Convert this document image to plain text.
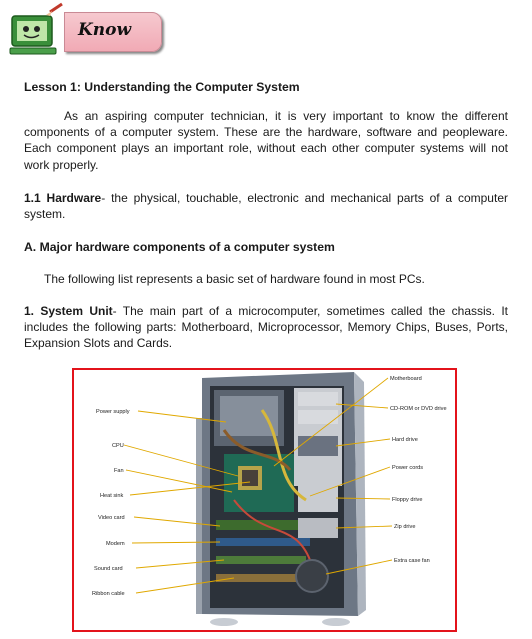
Know
Lesson 1: Understanding the Computer System
As an aspiring computer technician, it is very important to know the different components of a computer system. These are the hardware, software and peopleware. Each component plays an important role, without each other computer systems will not work properly.
1.1 Hardware- the physical, touchable, electronic and mechanical parts of a computer system.
A. Major hardware components of a computer system
The following list represents a basic set of hardware found in most PCs.
1. System Unit- The main part of a microcomputer, sometimes called the chassis. It includes the following parts: Motherboard, Microprocessor, Memory Chips, Buses, Ports, Expansion Slots and Cards.
Power supply
CPU
Fan
Heat sink
Video card
Modem
Sound card
Ribbon cable
Motherboard
CD-ROM or DVD drive
Hard drive
Power cords
Floppy drive
Zip drive
Extra case fan
